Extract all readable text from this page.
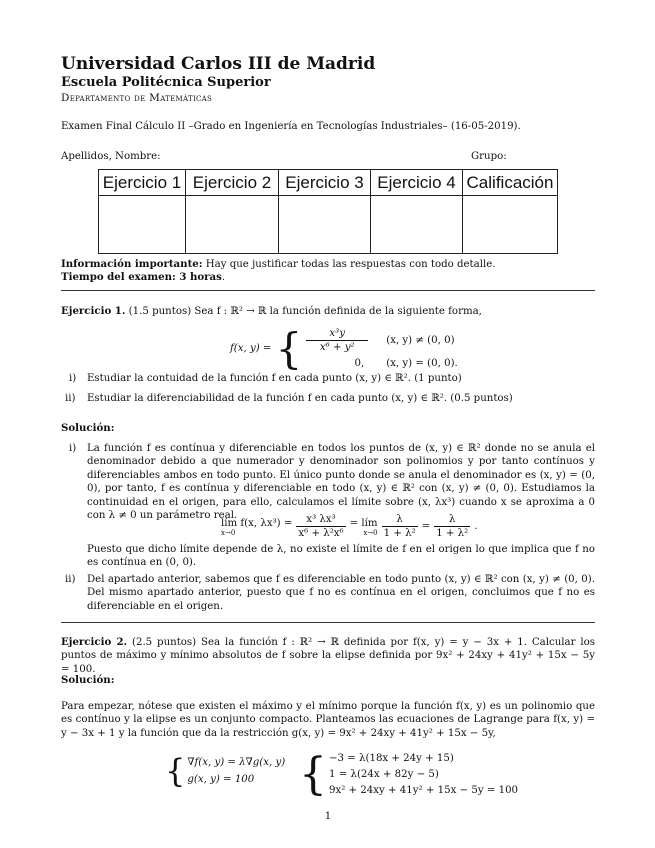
Universidad Carlos III de Madrid
Escuela Politécnica Superior
Departamento de Matemáticas
Examen Final Cálculo II –Grado en Ingeniería en Tecnologías Industriales– (16-05-2019).
Apellidos, Nombre:	Grupo:
Ejercicio 1	Ejercicio 2	Ejercicio 3	Ejercicio 4	Calificación

Información importante: Hay que justificar todas las respuestas con todo detalle.
Tiempo del examen: 3 horas.
Ejercicio 1. (1.5 puntos) Sea f : ℝ² → ℝ la función definida de la siguiente forma,
f(x, y) = { $\frac{\text{x³y}}{\text{x⁶ + y²}}$	(x, y) ≠ (0, 0)
0,	(x, y) = (0, 0).
i) Estudiar la contuidad de la función f en cada punto (x, y) ∈ ℝ². (1 punto)
ii) Estudiar la diferenciabilidad de la función f en cada punto (x, y) ∈ ℝ². (0.5 puntos)
Solución:
i) La función f es contínua y diferenciable en todos los puntos de (x, y) ∈ ℝ² donde no se anula el denominador debido a que numerador y denominador son polinomios y por tanto contínuos y diferenciables ambos en todo punto. El único punto donde se anula el denominador es (x, y) = (0, 0), por tanto, f es contínua y diferenciable en todo (x, y) ∈ ℝ² con (x, y) ≠ (0, 0). Estudiamos la continuidad en el origen, para ello, calculamos el límite sobre (x, λx³) cuando x se aproxima a 0 con λ ≠ 0 un parámetro real.
lím f(x, λx³) =
x→0	$\frac{\text{x³ λx³}}{\text{x⁶ + λ²x⁶}}$ = lím
$x\to 0 \frac{\lambda}{\text{1 + λ²}} = \frac{\lambda}{\text{1 + λ²}}$ .
Puesto que dicho límite depende de λ, no existe el límite de f en el origen lo que implica que f no es contínua en (0, 0).
ii) Del apartado anterior, sabemos que f es diferenciable en todo punto (x, y) ∈ ℝ² con (x, y) ≠ (0, 0). Del mismo apartado anterior, puesto que f no es contínua en el origen, concluimos que f no es diferenciable en el origen.
Ejercicio 2. (2.5 puntos) Sea la función f : ℝ² → ℝ definida por f(x, y) = y − 3x + 1. Calcular los puntos de máximo y mínimo absolutos de f sobre la elipse definida por 9x² + 24xy + 41y² + 15x − 5y = 100.
Solución:
Para empezar, nótese que existen el máximo y el mínimo porque la función f(x, y) es un polinomio que es contínuo y la elipse es un conjunto compacto. Planteamos las ecuaciones de Lagrange para f(x, y) = y − 3x + 1 y la función que da la restricción g(x, y) = 9x² + 24xy + 41y² + 15x − 5y,
{ ∇f(x, y) = λ∇g(x, y)
g(x, y) = 100	{ −3 = λ(18x + 24y + 15)
1 = λ(24x + 82y − 5)
9x² + 24xy + 41y² + 15x − 5y = 100
1
